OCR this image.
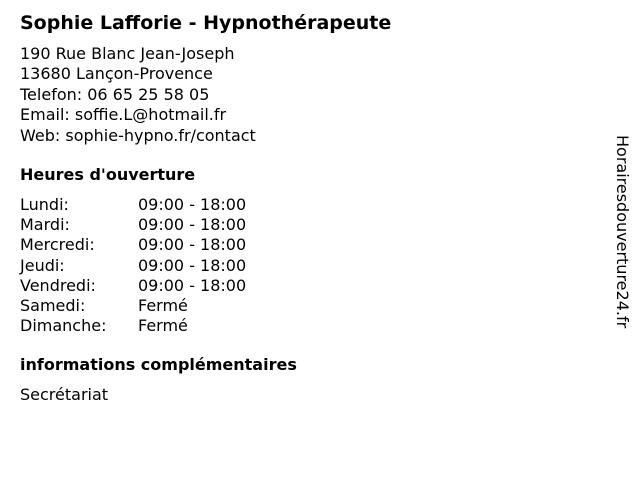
Sophie Lafforie - Hypnothérapeute
190 Rue Blanc Jean-Joseph
13680 Lançon-Provence
Telefon: 06 65 25 58 05
Email: soffie.L@hotmail.fr
Web: sophie-hypno.fr/contact
Heures d'ouverture
Lundi:	09:00 - 18:00
Mardi:	09:00 - 18:00
Mercredi:	09:00 - 18:00
Jeudi:	09:00 - 18:00
Vendredi:	09:00 - 18:00
Samedi:	Fermé
Dimanche:	Fermé
informations complémentaires
Secrétariat
Horairesdouverture24.fr
